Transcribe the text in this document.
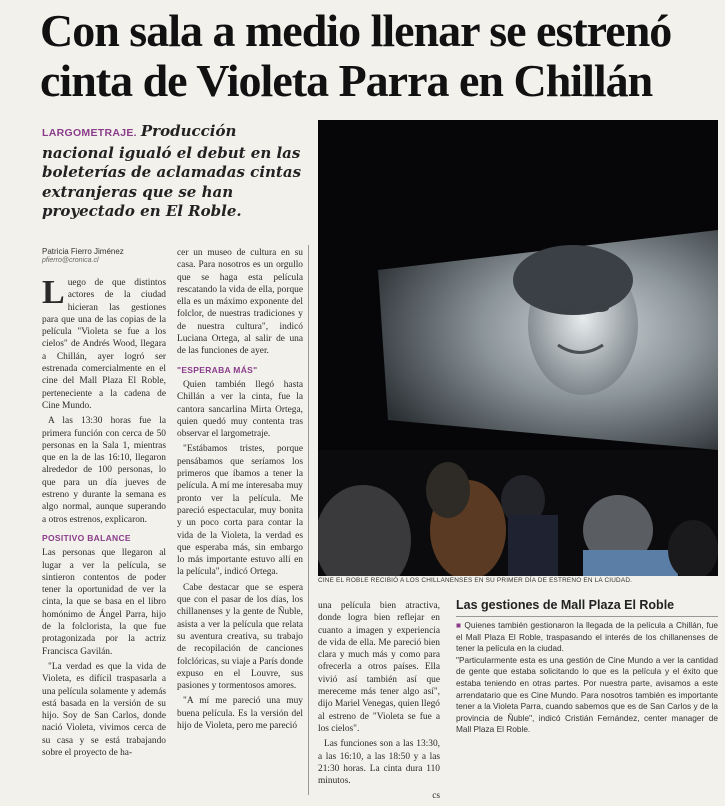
Con sala a medio llenar se estrenó
cinta de Violeta Parra en Chillán
LARGOMETRAJE. Producción nacional igualó el debut en las boleterías de aclamadas cintas extranjeras que se han proyectado en El Roble.
Patricia Fierro Jiménez
pfierro@cronica.cl

Luego de que distintos actores de la ciudad hicieran las gestiones para que una de las copias de la película "Violeta se fue a los cielos" de Andrés Wood, llegara a Chillán, ayer logró ser estrenada comercialmente en el cine del Mall Plaza El Roble, perteneciente a la cadena de Cine Mundo.

A las 13:30 horas fue la primera función con cerca de 50 personas en la Sala 1, mientras que en la de las 16:10, llegaron alrededor de 100 personas, lo que para un día jueves de estreno y durante la semana es algo normal, aunque superando a otros estrenos, explicaron.

POSITIVO BALANCE

Las personas que llegaron al lugar a ver la película, se sintieron contentos de poder tener la oportunidad de ver la cinta, la que se basa en el libro homónimo de Ángel Parra, hijo de la folclorista, la que fue protagonizada por la actriz Francisca Gavilán.

"La verdad es que la vida de Violeta, es difícil traspasarla a una película solamente y además está basada en la versión de su hijo. Soy de San Carlos, donde nació Violeta, vivimos cerca de su casa y se está trabajando sobre el proyecto de ha-

cer un museo de cultura en su casa. Para nosotros es un orgullo que se haga esta película rescatando la vida de ella, porque ella es un máximo exponente del folclor, de nuestras tradiciones y de nuestra cultura", indicó Luciana Ortega, al salir de una de las funciones de ayer.

"ESPERABA MÁS"

Quien también llegó hasta Chillán a ver la cinta, fue la cantora sancarlina Mirta Ortega, quien quedó muy contenta tras observar el largometraje.

"Estábamos tristes, porque pensábamos que seríamos los primeros que íbamos a tener la película. A mí me interesaba muy pronto ver la película. Me pareció espectacular, muy bonita y un poco corta para contar la vida de la Violeta, la verdad es que esperaba más, sin embargo lo más importante estuvo allí en la película", indicó Ortega.

Cabe destacar que se espera que con el pasar de los días, los chillanenses y la gente de Ñuble, asista a ver la película que relata su aventura creativa, su trabajo de recopilación de canciones folclóricas, su viaje a París donde expuso en el Louvre, sus pasiones y tormentosos amores.

"A mí me pareció una muy buena película. Es la versión del hijo de Violeta, pero me pareció

CINE EL ROBLE RECIBIÓ A LOS CHILLANENSES EN SU PRIMER DÍA DE ESTRENO EN LA CIUDAD.

una película bien atractiva, donde logra bien reflejar en cuanto a imagen y experiencia de vida de ella. Me pareció bien clara y much más y como para ofrecerla a otros países. Ella vivió así también así que mereceme más tener algo así", dijo Mariel Venegas, quien llegó al estreno de "Violeta se fue a los cielos".

Las funciones son a las 13:30, a las 16:10, a las 18:50 y a las 21:30 horas. La cinta dura 110 minutos.

cs

Las gestiones de Mall Plaza El Roble
■ Quienes también gestionaron la llegada de la película a Chillán, fue el Mall Plaza El Roble, traspasando el interés de los chillanenses de tener la película en la ciudad.
"Particularmente esta es una gestión de Cine Mundo a ver la cantidad de gente que estaba solicitando lo que es la película y el éxito que estaba teniendo en otras partes. Por nuestra parte, avisamos a este arrendatario que es Cine Mundo. Para nosotros también es importante tener a la Violeta Parra, cuando sabemos que es de San Carlos y de la provincia de Ñuble", indicó Cristián Fernández, center manager de Mall Plaza El Roble.
